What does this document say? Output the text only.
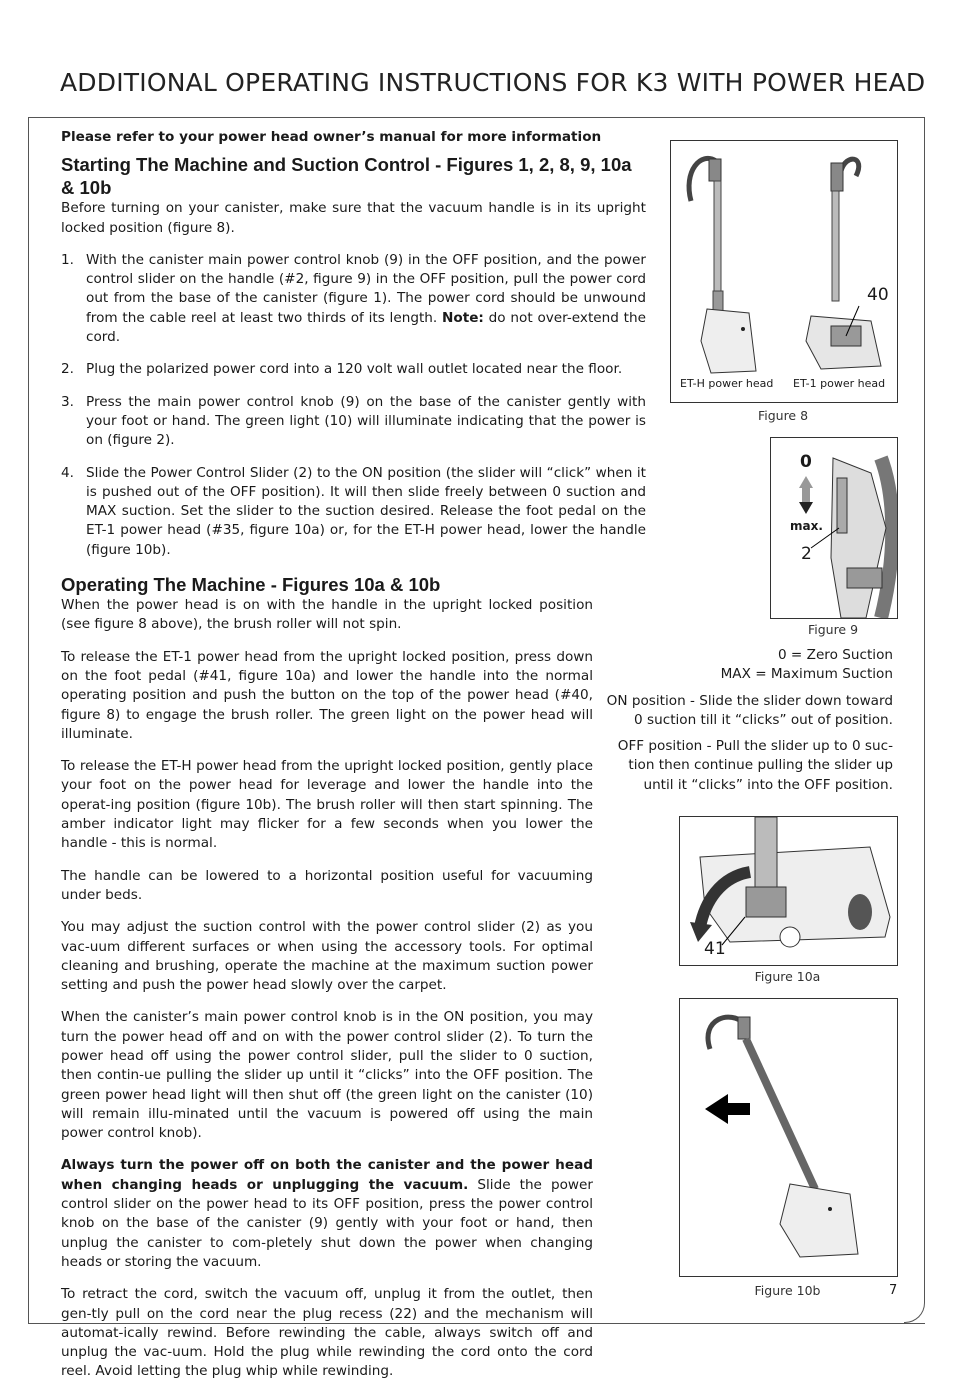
ADDITIONAL OPERATING INSTRUCTIONS FOR K3 WITH POWER HEAD
Please refer to your power head owner’s manual for more information
Starting The Machine and Suction Control - Figures 1, 2, 8, 9, 10a & 10b

Before turning on your canister, make sure that the vacuum handle is in its upright locked position (figure 8).

1. With the canister main power control knob (9) in the OFF position, and the power control slider on the handle (#2, figure 9) in the OFF position, pull the power cord out from the base of the canister (figure 1). The power cord should be unwound from the cable reel at least two thirds of its length. Note: do not over-extend the cord.
2. Plug the polarized power cord into a 120 volt wall outlet located near the floor.
3. Press the main power control knob (9) on the base of the canister gently with your foot or hand. The green light (10) will illuminate indicating that the power is on (figure 2).
4. Slide the Power Control Slider (2) to the ON position (the slider will “click” when it is pushed out of the OFF position). It will then slide freely between 0 suction and MAX suction. Set the slider to the suction desired. Release the foot pedal on the ET-1 power head (#35, figure 10a) or, for the ET-H power head, lower the handle (figure 10b).
Operating The Machine - Figures 10a & 10b

When the power head is on with the handle in the upright locked position (see figure 8 above), the brush roller will not spin.

To release the ET-1 power head from the upright locked position, press down on the foot pedal (#41, figure 10a) and lower the handle into the normal operating position and push the button on the top of the power head (#40, figure 8) to engage the brush roller. The green light on the power head will illuminate.

To release the ET-H power head from the upright locked position, gently place your foot on the power head for leverage and lower the handle into the operat-ing position (figure 10b). The brush roller will then start spinning. The amber indicator light may flicker for a few seconds when you lower the handle - this is normal.

The handle can be lowered to a horizontal position useful for vacuuming under beds.

You may adjust the suction control with the power control slider (2) as you vac-uum different surfaces or when using the accessory tools. For optimal cleaning and brushing, operate the machine at the maximum suction power setting and push the power head slowly over the carpet.

When the canister’s main power control knob is in the ON position, you may turn the power head off and on with the power control slider (2). To turn the power head off using the power control slider, pull the slider to 0 suction, then contin-ue pulling the slider up until it “clicks” into the OFF position. The green power head light will then shut off (the green light on the canister (10) will remain illu-minated until the vacuum is powered off using the main power control knob).

Always turn the power off on both the canister and the power head when changing heads or unplugging the vacuum. Slide the power control slider on the power head to its OFF position, press the power control knob on the base of the canister (9) gently with your foot or hand, then unplug the canister to com-pletely shut down the power when changing heads or storing the vacuum.

To retract the cord, switch the vacuum off, unplug it from the outlet, then gen-tly pull on the cord near the plug recess (22) and the mechanism will automat-ically rewind. Before rewinding the cable, always switch off and unplug the vac-uum. Hold the plug while rewinding the cord onto the cord reel. Avoid letting the plug whip while rewinding.

40
ET-H power head ET-1 power head
Figure 8
0
max.
2
Figure 9
0 = Zero Suction

MAX = Maximum Suction

ON position - Slide the slider down toward 0 suction till it “clicks” out of position.

OFF position - Pull the slider up to 0 suc-tion then continue pulling the slider up until it “clicks” into the OFF position.

41
Figure 10a
Figure 10b	7
